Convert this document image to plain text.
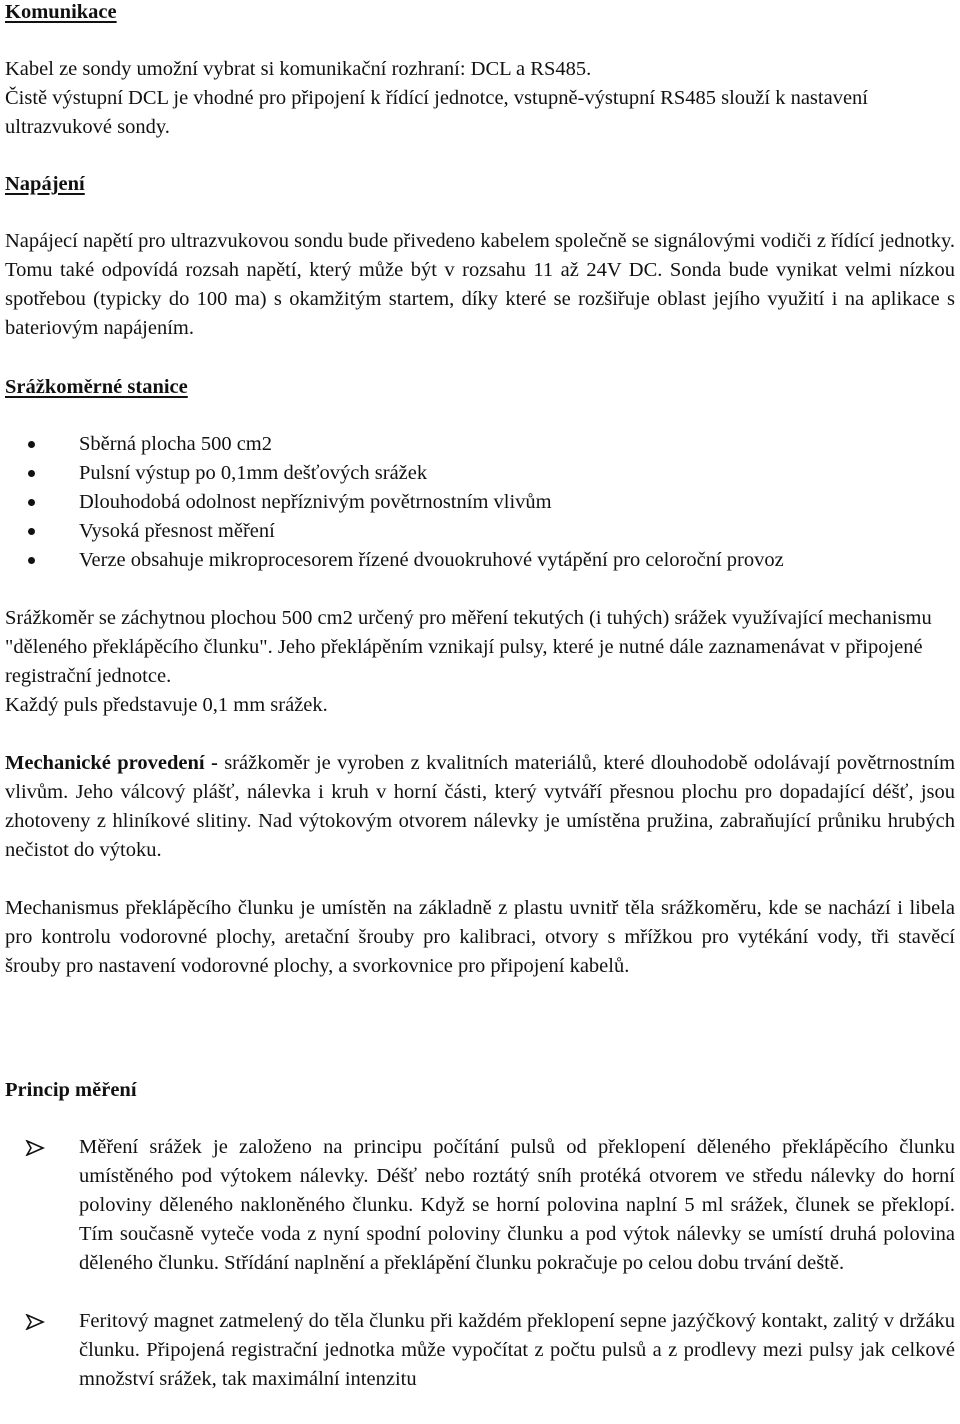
Komunikace

Kabel ze sondy umožní vybrat si komunikační rozhraní: DCL a RS485.

Čistě výstupní DCL je vhodné pro připojení k řídící jednotce, vstupně-výstupní RS485 slouží k nastavení ultrazvukové sondy.

Napájení

Napájecí napětí pro ultrazvukovou sondu bude přivedeno kabelem společně se signálovými vodiči z řídící jednotky. Tomu také odpovídá rozsah napětí, který může být v rozsahu 11 až 24V DC. Sonda bude vynikat velmi nízkou spotřebou (typicky do 100 ma) s okamžitým startem, díky které se rozšiřuje oblast jejího využití i na aplikace s bateriovým napájením.

Srážkoměrné stanice
Sběrná plocha 500 cm2
Pulsní výstup po 0,1mm dešťových srážek
Dlouhodobá odolnost nepříznivým povětrnostním vlivům
Vysoká přesnost měření
Verze obsahuje mikroprocesorem řízené dvouokruhové vytápění pro celoroční provoz

Srážkoměr se záchytnou plochou 500 cm2 určený pro měření tekutých (i tuhých) srážek využívající mechanismu "děleného překlápěcího člunku". Jeho překlápěním vznikají pulsy, které je nutné dále zaznamenávat v připojené registrační jednotce.
Každý puls představuje 0,1 mm srážek.

Mechanické provedení - srážkoměr je vyroben z kvalitních materiálů, které dlouhodobě odolávají povětrnostním vlivům. Jeho válcový plášť, nálevka i kruh v horní části, který vytváří přesnou plochu pro dopadající déšť, jsou zhotoveny z hliníkové slitiny. Nad výtokovým otvorem nálevky je umístěna pružina, zabraňující průniku hrubých nečistot do výtoku.

Mechanismus překlápěcího člunku je umístěn na základně z plastu uvnitř těla srážkoměru, kde se nachází i libela pro kontrolu vodorovné plochy, aretační šrouby pro kalibraci, otvory s mřížkou pro vytékání vody, tři stavěcí šrouby pro nastavení vodorovné plochy, a svorkovnice pro připojení kabelů.

Princip měření
Měření srážek je založeno na principu počítání pulsů od překlopení děleného překlápěcího člunku umístěného pod výtokem nálevky. Déšť nebo roztátý sníh protéká otvorem ve středu nálevky do horní poloviny děleného nakloněného člunku. Když se horní polovina naplní 5 ml srážek, člunek se překlopí. Tím současně vyteče voda z nyní spodní poloviny člunku a pod výtok nálevky se umístí druhá polovina děleného člunku. Střídání naplnění a překlápění člunku pokračuje po celou dobu trvání deště.
Feritový magnet zatmelený do těla člunku při každém překlopení sepne jazýčkový kontakt, zalitý v držáku člunku. Připojená registrační jednotka může vypočítat z počtu pulsů a z prodlevy mezi pulsy jak celkové množství srážek, tak maximální intenzitu
